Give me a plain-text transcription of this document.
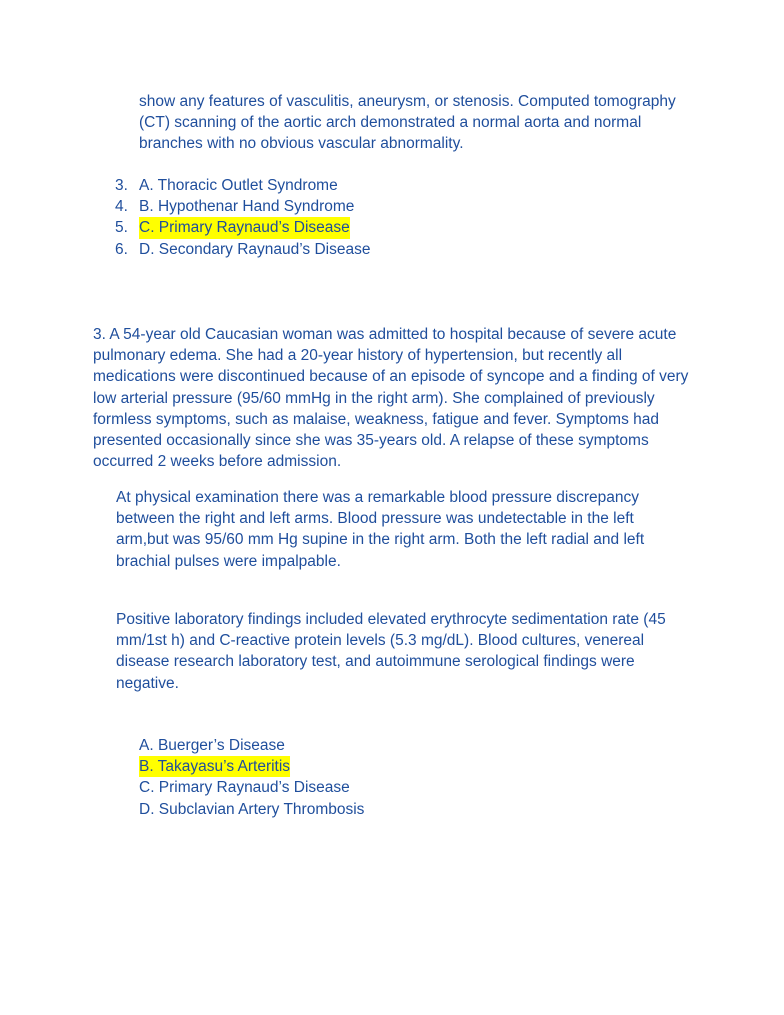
show any features of vasculitis, aneurysm, or stenosis. Computed tomography (CT) scanning of the aortic arch demonstrated a normal aorta and normal branches with no obvious vascular abnormality.

3. A. Thoracic Outlet Syndrome
4. B. Hypothenar Hand Syndrome
5. C. Primary Raynaud’s Disease
6. D. Secondary Raynaud’s Disease

3. A 54-year old Caucasian woman was admitted to hospital because of severe acute pulmonary edema. She had a 20-year history of hypertension, but recently all medications were discontinued because of an episode of syncope and a finding of very low arterial pressure (95/60 mmHg in the right arm). She complained of previously formless symptoms, such as malaise, weakness, fatigue and fever. Symptoms had presented occasionally since she was 35-years old. A relapse of these symptoms occurred 2 weeks before admission.

At physical examination there was a remarkable blood pressure discrepancy between the right and left arms. Blood pressure was undetectable in the left arm,but was 95/60 mm Hg supine in the right arm. Both the left radial and left brachial pulses were impalpable.

Positive laboratory findings included elevated erythrocyte sedimentation rate (45 mm/1st h) and C-reactive protein levels (5.3 mg/dL). Blood cultures, venereal disease research laboratory test, and autoimmune serological findings were negative.

A. Buerger’s Disease
B. Takayasu’s Arteritis
C. Primary Raynaud’s Disease
D. Subclavian Artery Thrombosis
